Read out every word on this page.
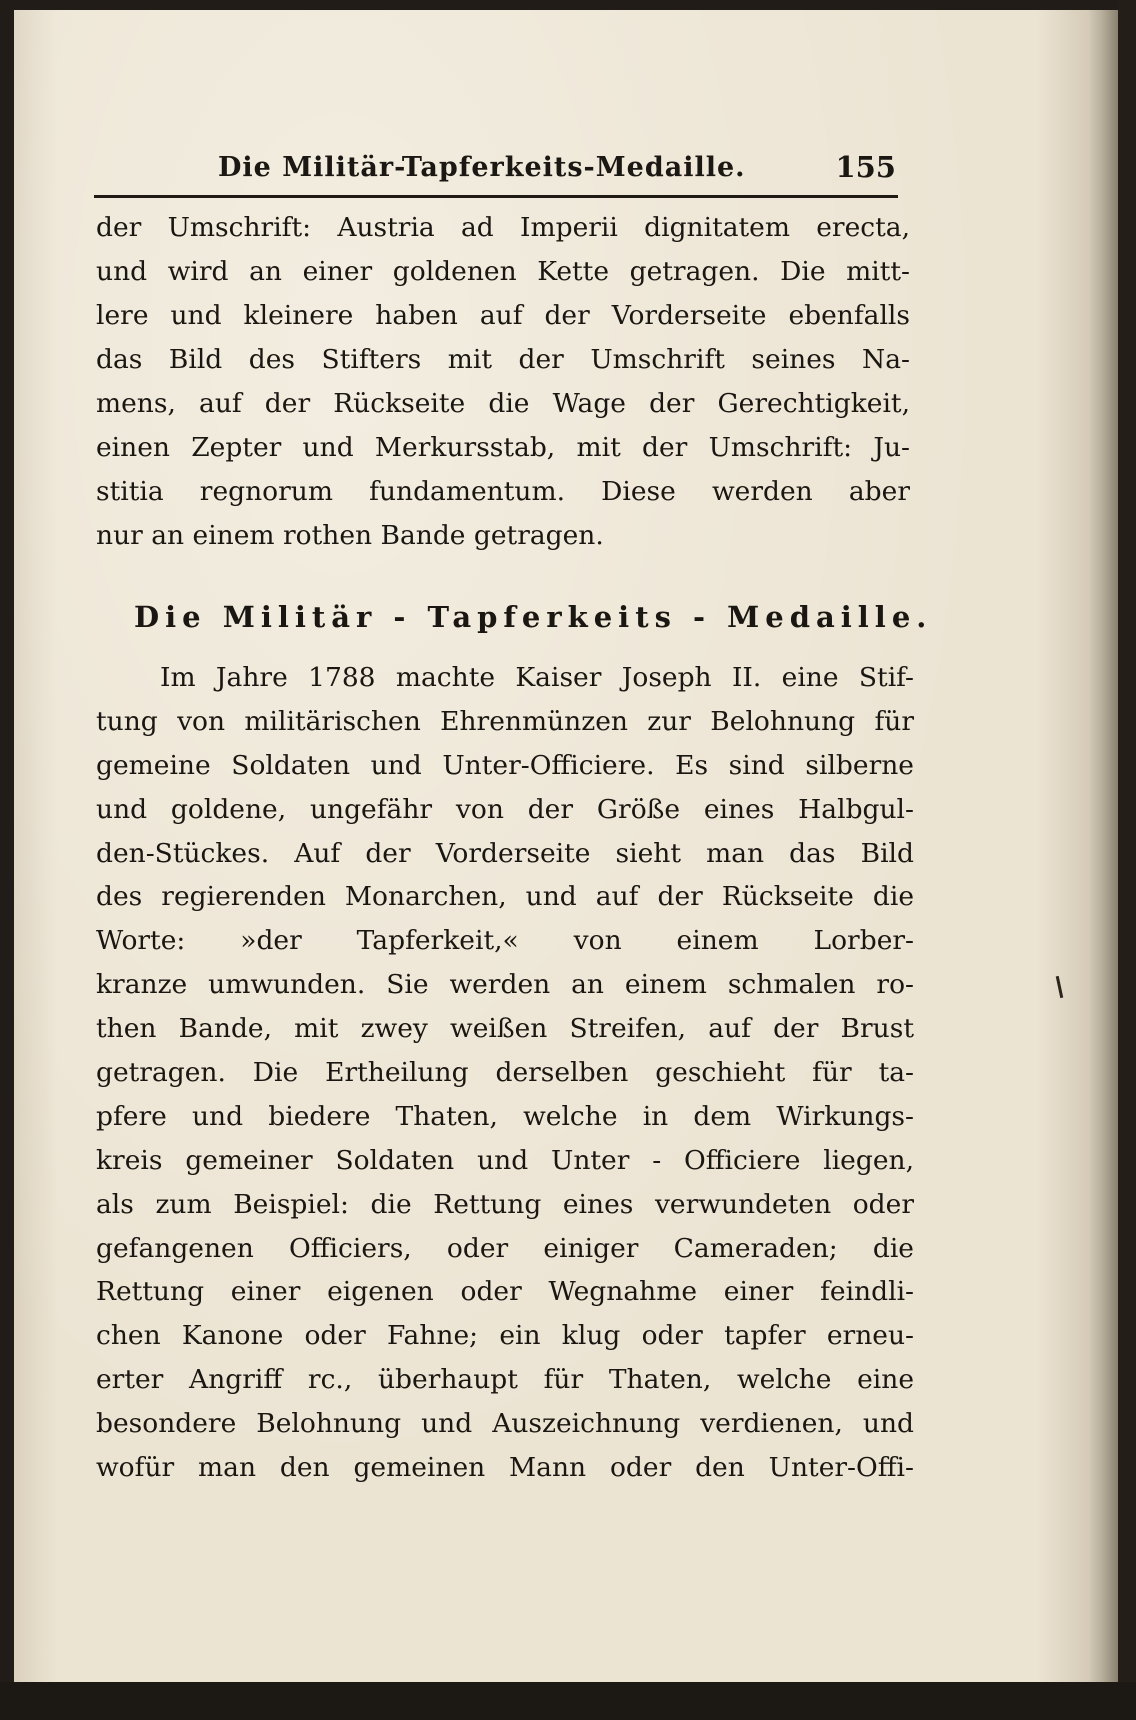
Die Militär-Tapferkeits-Medaille.	155
der Umschrift: Austria ad Imperii dignitatem erecta,
und wird an einer goldenen Kette getragen. Die mitt-
lere und kleinere haben auf der Vorderseite ebenfalls
das Bild des Stifters mit der Umschrift seines Na-
mens, auf der Rückseite die Wage der Gerechtigkeit,
einen Zepter und Merkursstab, mit der Umschrift: Ju-
stitia regnorum fundamentum. Diese werden aber
nur an einem rothen Bande getragen.
Die Militär - Tapferkeits - Medaille.
Im Jahre 1788 machte Kaiser Joseph II. eine Stif-
tung von militärischen Ehrenmünzen zur Belohnung für
gemeine Soldaten und Unter-Officiere. Es sind silberne
und goldene, ungefähr von der Größe eines Halbgul-
den-Stückes. Auf der Vorderseite sieht man das Bild
des regierenden Monarchen, und auf der Rückseite die
Worte: »der Tapferkeit,« von einem Lorber-
kranze umwunden. Sie werden an einem schmalen ro-
then Bande, mit zwey weißen Streifen, auf der Brust
getragen. Die Ertheilung derselben geschieht für ta-
pfere und biedere Thaten, welche in dem Wirkungs-
kreis gemeiner Soldaten und Unter - Officiere liegen,
als zum Beispiel: die Rettung eines verwundeten oder
gefangenen Officiers, oder einiger Cameraden; die
Rettung einer eigenen oder Wegnahme einer feindli-
chen Kanone oder Fahne; ein klug oder tapfer erneu-
erter Angriff rc., überhaupt für Thaten, welche eine
besondere Belohnung und Auszeichnung verdienen, und
wofür man den gemeinen Mann oder den Unter-Offi-
